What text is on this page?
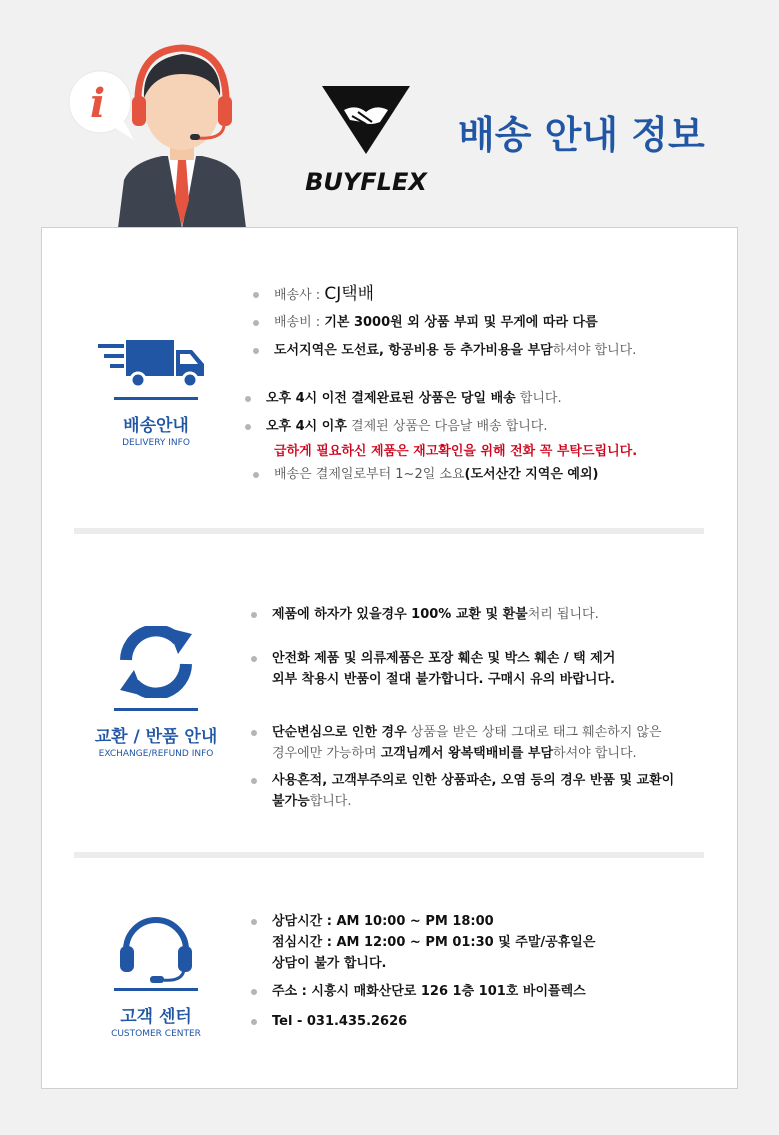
i
BUYFLEX
배송 안내 정보
배송안내
DELIVERY INFO
배송사 : CJ택배
배송비 : 기본 3000원 외 상품 부피 및 무게에 따라 다름
도서지역은 도선료, 항공비용 등 추가비용을 부담하셔야 합니다.
오후 4시 이전 결제완료된 상품은 당일 배송 합니다.
오후 4시 이후 결제된 상품은 다음날 배송 합니다.
급하게 필요하신 제품은 재고확인을 위해 전화 꼭 부탁드립니다.
배송은 결제일로부터 1~2일 소요(도서산간 지역은 예외)
교환 / 반품 안내
EXCHANGE/REFUND INFO
제품에 하자가 있을경우 100% 교환 및 환불처리 됩니다.
안전화 제품 및 의류제품은 포장 훼손 및 박스 훼손 / 택 제거
외부 착용시 반품이 절대 불가합니다. 구매시 유의 바랍니다.
단순변심으로 인한 경우 상품을 받은 상태 그대로 태그 훼손하지 않은
경우에만 가능하며 고객님께서 왕복택배비를 부담하셔야 합니다.
사용흔적, 고객부주의로 인한 상품파손, 오염 등의 경우 반품 및 교환이
불가능합니다.
고객 센터
CUSTOMER CENTER
상담시간 : AM 10:00 ~ PM 18:00
점심시간 : AM 12:00 ~ PM 01:30 및 주말/공휴일은
상담이 불가 합니다.
주소 : 시흥시 매화산단로 126 1층 101호 바이플렉스
Tel - 031.435.2626
